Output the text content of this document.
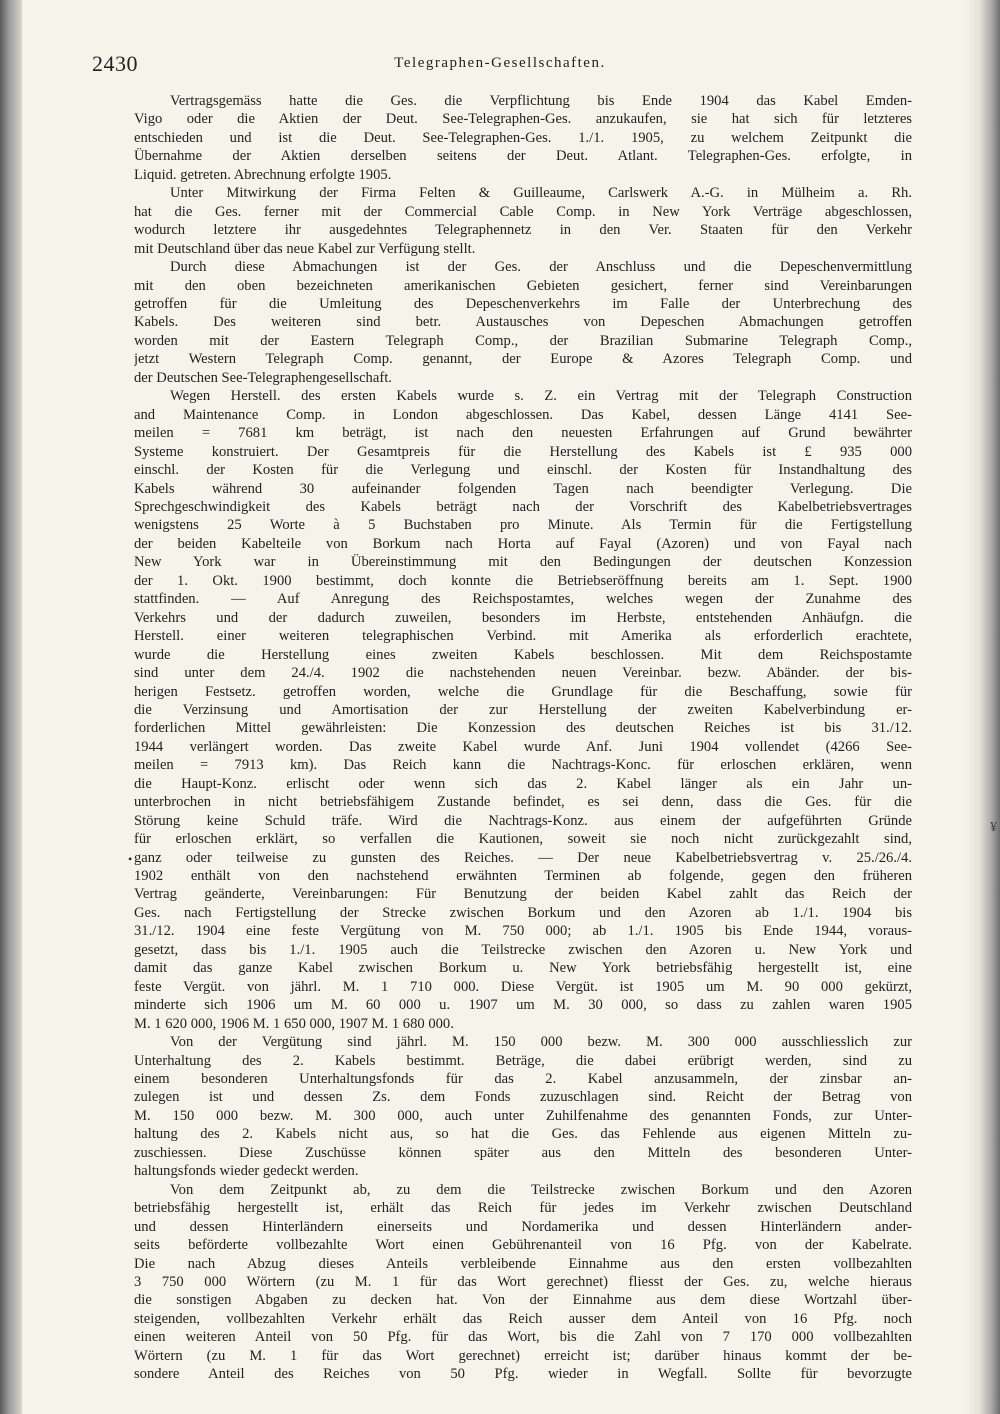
2430	Telegraphen-Gesellschaften.
•
¥
Vertragsgemäss hatte die Ges. die Verpflichtung bis Ende 1904 das Kabel Emden-
Vigo oder die Aktien der Deut. See-Telegraphen-Ges. anzukaufen, sie hat sich für letzteres
entschieden und ist die Deut. See-Telegraphen-Ges. 1./1. 1905, zu welchem Zeitpunkt die
Übernahme der Aktien derselben seitens der Deut. Atlant. Telegraphen-Ges. erfolgte, in
Liquid. getreten. Abrechnung erfolgte 1905.
Unter Mitwirkung der Firma Felten & Guilleaume, Carlswerk A.-G. in Mülheim a. Rh.
hat die Ges. ferner mit der Commercial Cable Comp. in New York Verträge abgeschlossen,
wodurch letztere ihr ausgedehntes Telegraphennetz in den Ver. Staaten für den Verkehr
mit Deutschland über das neue Kabel zur Verfügung stellt.
Durch diese Abmachungen ist der Ges. der Anschluss und die Depeschenvermittlung
mit den oben bezeichneten amerikanischen Gebieten gesichert, ferner sind Vereinbarungen
getroffen für die Umleitung des Depeschenverkehrs im Falle der Unterbrechung des
Kabels. Des weiteren sind betr. Austausches von Depeschen Abmachungen getroffen
worden mit der Eastern Telegraph Comp., der Brazilian Submarine Telegraph Comp.,
jetzt Western Telegraph Comp. genannt, der Europe & Azores Telegraph Comp. und
der Deutschen See-Telegraphengesellschaft.
Wegen Herstell. des ersten Kabels wurde s. Z. ein Vertrag mit der Telegraph Construction
and Maintenance Comp. in London abgeschlossen. Das Kabel, dessen Länge 4141 See-
meilen = 7681 km beträgt, ist nach den neuesten Erfahrungen auf Grund bewährter
Systeme konstruiert. Der Gesamtpreis für die Herstellung des Kabels ist £ 935 000
einschl. der Kosten für die Verlegung und einschl. der Kosten für Instandhaltung des
Kabels während 30 aufeinander folgenden Tagen nach beendigter Verlegung. Die
Sprechgeschwindigkeit des Kabels beträgt nach der Vorschrift des Kabelbetriebsvertrages
wenigstens 25 Worte à 5 Buchstaben pro Minute. Als Termin für die Fertigstellung
der beiden Kabelteile von Borkum nach Horta auf Fayal (Azoren) und von Fayal nach
New York war in Übereinstimmung mit den Bedingungen der deutschen Konzession
der 1. Okt. 1900 bestimmt, doch konnte die Betriebseröffnung bereits am 1. Sept. 1900
stattfinden. — Auf Anregung des Reichspostamtes, welches wegen der Zunahme des
Verkehrs und der dadurch zuweilen, besonders im Herbste, entstehenden Anhäufgn. die
Herstell. einer weiteren telegraphischen Verbind. mit Amerika als erforderlich erachtete,
wurde die Herstellung eines zweiten Kabels beschlossen. Mit dem Reichspostamte
sind unter dem 24./4. 1902 die nachstehenden neuen Vereinbar. bezw. Abänder. der bis-
herigen Festsetz. getroffen worden, welche die Grundlage für die Beschaffung, sowie für
die Verzinsung und Amortisation der zur Herstellung der zweiten Kabelverbindung er-
forderlichen Mittel gewährleisten: Die Konzession des deutschen Reiches ist bis 31./12.
1944 verlängert worden. Das zweite Kabel wurde Anf. Juni 1904 vollendet (4266 See-
meilen = 7913 km). Das Reich kann die Nachtrags-Konc. für erloschen erklären, wenn
die Haupt-Konz. erlischt oder wenn sich das 2. Kabel länger als ein Jahr un-
unterbrochen in nicht betriebsfähigem Zustande befindet, es sei denn, dass die Ges. für die
Störung keine Schuld träfe. Wird die Nachtrags-Konz. aus einem der aufgeführten Gründe
für erloschen erklärt, so verfallen die Kautionen, soweit sie noch nicht zurückgezahlt sind,
ganz oder teilweise zu gunsten des Reiches. — Der neue Kabelbetriebsvertrag v. 25./26./4.
1902 enthält von den nachstehend erwähnten Terminen ab folgende, gegen den früheren
Vertrag geänderte, Vereinbarungen: Für Benutzung der beiden Kabel zahlt das Reich der
Ges. nach Fertigstellung der Strecke zwischen Borkum und den Azoren ab 1./1. 1904 bis
31./12. 1904 eine feste Vergütung von M. 750 000; ab 1./1. 1905 bis Ende 1944, voraus-
gesetzt, dass bis 1./1. 1905 auch die Teilstrecke zwischen den Azoren u. New York und
damit das ganze Kabel zwischen Borkum u. New York betriebsfähig hergestellt ist, eine
feste Vergüt. von jährl. M. 1 710 000. Diese Vergüt. ist 1905 um M. 90 000 gekürzt,
minderte sich 1906 um M. 60 000 u. 1907 um M. 30 000, so dass zu zahlen waren 1905
M. 1 620 000, 1906 M. 1 650 000, 1907 M. 1 680 000.
Von der Vergütung sind jährl. M. 150 000 bezw. M. 300 000 ausschliesslich zur
Unterhaltung des 2. Kabels bestimmt. Beträge, die dabei erübrigt werden, sind zu
einem besonderen Unterhaltungsfonds für das 2. Kabel anzusammeln, der zinsbar an-
zulegen ist und dessen Zs. dem Fonds zuzuschlagen sind. Reicht der Betrag von
M. 150 000 bezw. M. 300 000, auch unter Zuhilfenahme des genannten Fonds, zur Unter-
haltung des 2. Kabels nicht aus, so hat die Ges. das Fehlende aus eigenen Mitteln zu-
zuschiessen. Diese Zuschüsse können später aus den Mitteln des besonderen Unter-
haltungsfonds wieder gedeckt werden.
Von dem Zeitpunkt ab, zu dem die Teilstrecke zwischen Borkum und den Azoren
betriebsfähig hergestellt ist, erhält das Reich für jedes im Verkehr zwischen Deutschland
und dessen Hinterländern einerseits und Nordamerika und dessen Hinterländern ander-
seits beförderte vollbezahlte Wort einen Gebührenanteil von 16 Pfg. von der Kabelrate.
Die nach Abzug dieses Anteils verbleibende Einnahme aus den ersten vollbezahlten
3 750 000 Wörtern (zu M. 1 für das Wort gerechnet) fliesst der Ges. zu, welche hieraus
die sonstigen Abgaben zu decken hat. Von der Einnahme aus dem diese Wortzahl über-
steigenden, vollbezahlten Verkehr erhält das Reich ausser dem Anteil von 16 Pfg. noch
einen weiteren Anteil von 50 Pfg. für das Wort, bis die Zahl von 7 170 000 vollbezahlten
Wörtern (zu M. 1 für das Wort gerechnet) erreicht ist; darüber hinaus kommt der be-
sondere Anteil des Reiches von 50 Pfg. wieder in Wegfall. Sollte für bevorzugte
